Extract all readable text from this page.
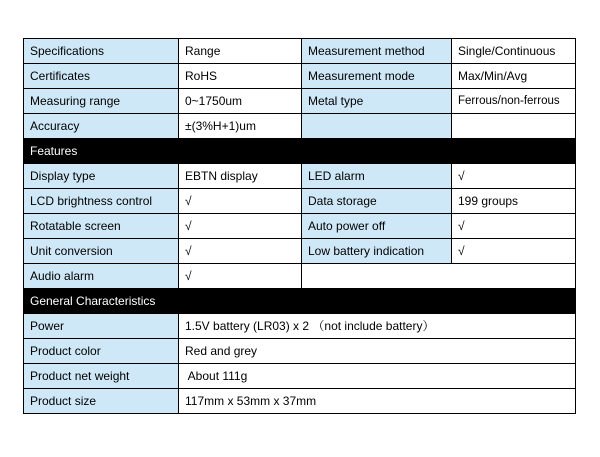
Specifications	Range	Measurement method	Single/Continuous
Certificates	RoHS	Measurement mode	Max/Min/Avg
Measuring range	0~1750um	Metal type	Ferrous/non-ferrous
Accuracy	±(3%H+1)um		
Features			
Display type	EBTN display	LED alarm	√
LCD brightness control	√	Data storage	199 groups
Rotatable screen	√	Auto power off	√
Unit conversion	√	Low battery indication	√
Audio alarm	√		
General Characteristics			
Power	1.5V battery (LR03) x 2 （not include battery）		
Product color	Red and grey		
Product net weight	About 111g		
Product size	117mm x 53mm x 37mm		
